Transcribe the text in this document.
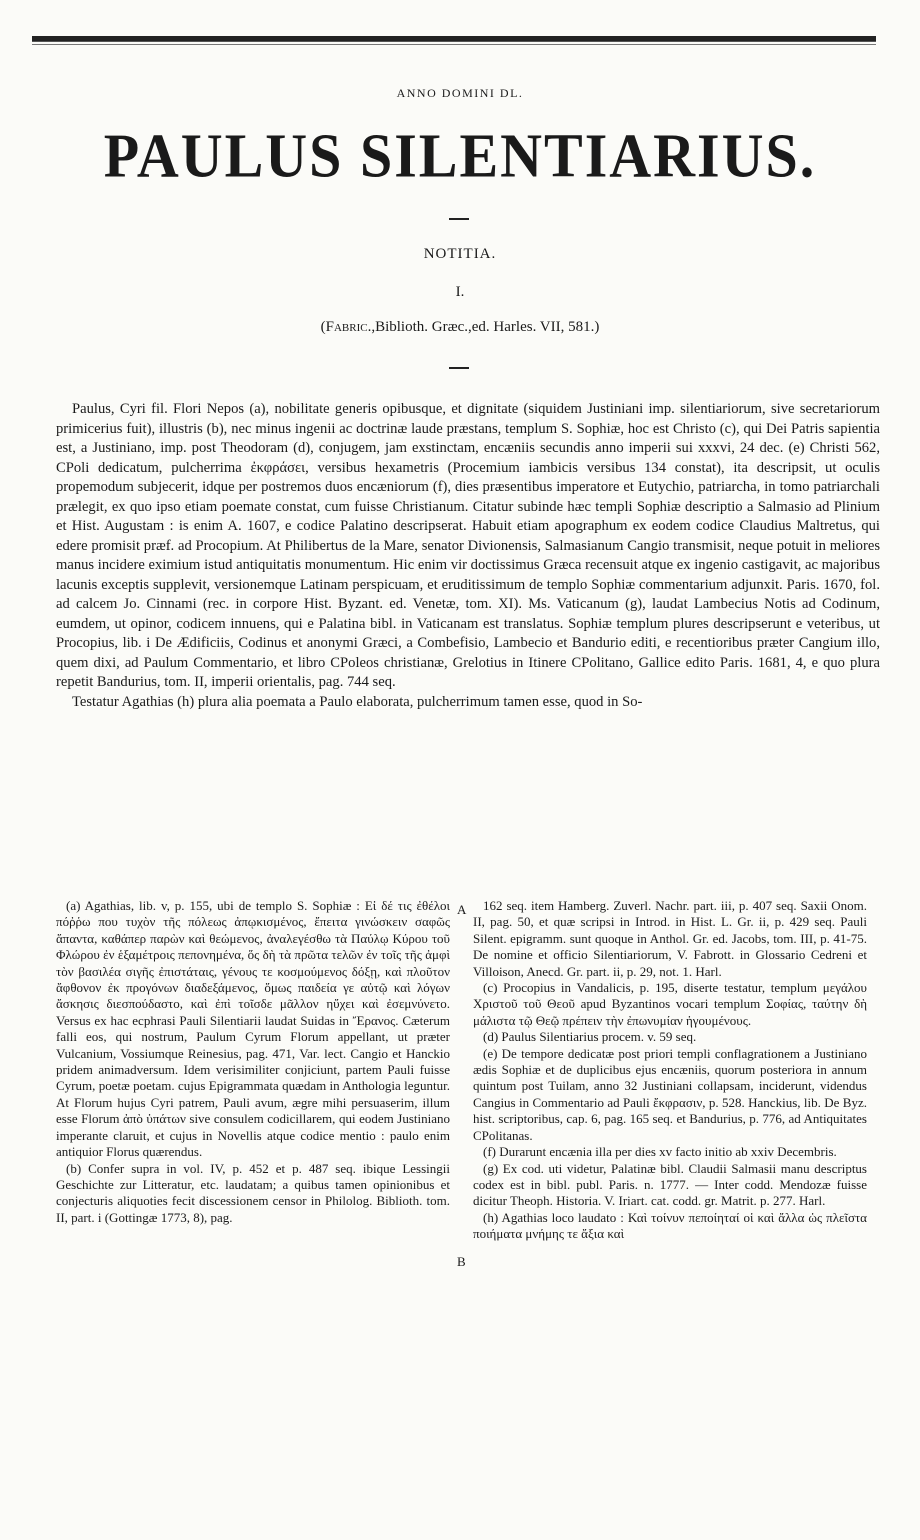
ANNO DOMINI DL.
PAULUS SILENTIARIUS.
NOTITIA.
I.
(Fabric.,Biblioth. Græc.,ed. Harles. VII, 581.)

Paulus, Cyri fil. Flori Nepos (a), nobilitate generis opibusque, et dignitate (siquidem Justiniani imp. silentiariorum, sive secretariorum primicerius fuit), illustris (b), nec minus ingenii ac doctrinæ laude præstans, templum S. Sophiæ, hoc est Christo (c), qui Dei Patris sapientia est, a Justiniano, imp. post Theodoram (d), conjugem, jam exstinctam, encæniis secundis anno imperii sui xxxvi, 24 dec. (e) Christi 562, CPoli dedicatum, pulcherrima ἐκφράσει, versibus hexametris (Procemium iambicis versibus 134 constat), ita descripsit, ut oculis propemodum subjecerit, idque per postremos duos encæniorum (f), dies præsentibus imperatore et Eutychio, patriarcha, in tomo patriarchali prælegit, ex quo ipso etiam poemate constat, cum fuisse Christianum. Citatur subinde hæc templi Sophiæ descriptio a Salmasio ad Plinium et Hist. Augustam : is enim A. 1607, e codice Palatino descripserat. Habuit etiam apographum ex eodem codice Claudius Maltretus, qui edere promisit præf. ad Procopium. At Philibertus de la Mare, senator Divionensis, Salmasianum Cangio transmisit, neque potuit in meliores manus incidere eximium istud antiquitatis monumentum. Hic enim vir doctissimus Græca recensuit atque ex ingenio castigavit, ac majoribus lacunis exceptis supplevit, versionemque Latinam perspicuam, et eruditissimum de templo Sophiæ commentarium adjunxit. Paris. 1670, fol. ad calcem Jo. Cinnami (rec. in corpore Hist. Byzant. ed. Venetæ, tom. XI). Ms. Vaticanum (g), laudat Lambecius Notis ad Codinum, eumdem, ut opinor, codicem innuens, qui e Palatina bibl. in Vaticanam est translatus. Sophiæ templum plures descripserunt e veteribus, ut Procopius, lib. i De Ædificiis, Codinus et anonymi Græci, a Combefisio, Lambecio et Bandurio editi, e recentioribus præter Cangium illo, quem dixi, ad Paulum Commentario, et libro CPoleos christianæ, Grelotius in Itinere CPolitano, Gallice edito Paris. 1681, 4, e quo plura repetit Bandurius, tom. II, imperii orientalis, pag. 744 seq.

Testatur Agathias (h) plura alia poemata a Paulo elaborata, pulcherrimum tamen esse, quod in So-

(a) Agathias, lib. v, p. 155, ubi de templo S. Sophiæ : Εἰ δέ τις ἐθέλοι πόῤῥω που τυχὸν τῆς πόλεως ἀπῳκισμένος, ἔπειτα γινώσκειν σαφῶς ἅπαντα, καθάπερ παρὼν καὶ θεώμενος, ἀναλεγέσθω τὰ Παύλῳ Κύρου τοῦ Φλώρου ἐν ἑξαμέτροις πεπονημένα, ὅς δὴ τὰ πρῶτα τελῶν ἐν τοῖς τῆς ἀμφὶ τὸν βασιλέα σιγῆς ἐπιστάταις, γένους τε κοσμούμενος δόξῃ, καὶ πλοῦτον ἄφθονον ἐκ προγόνων διαδεξάμενος, ὅμως παιδεία γε αὐτῷ καὶ λόγων ἄσκησις διεσπούδαστο, καὶ ἐπὶ τοῖσδε μᾶλλον ηὔχει καὶ ἐσεμνύνετο. Versus ex hac ecphrasi Pauli Silentiarii laudat Suidas in Ἔρανος. Cæterum falli eos, qui nostrum, Paulum Cyrum Florum appellant, ut præter Vulcanium, Vossiumque Reinesius, pag. 471, Var. lect. Cangio et Hanckio pridem animadversum. Idem verisimiliter conjiciunt, partem Pauli fuisse Cyrum, poetæ poetam. cujus Epigrammata quædam in Anthologia leguntur. At Florum hujus Cyri patrem, Pauli avum, ægre mihi persuaserim, illum esse Florum ἀπὸ ὑπάτων sive consulem codicillarem, qui eodem Justiniano imperante claruit, et cujus in Novellis atque codice mentio : paulo enim antiquior Florus quærendus.

(b) Confer supra in vol. IV, p. 452 et p. 487 seq. ibique Lessingii Geschichte zur Litteratur, etc. laudatam; a quibus tamen opinionibus et conjecturis aliquoties fecit discessionem censor in Philolog. Biblioth. tom. II, part. i (Gottingæ 1773, 8), pag.

A
B

162 seq. item Hamberg. Zuverl. Nachr. part. iii, p. 407 seq. Saxii Onom. II, pag. 50, et quæ scripsi in Introd. in Hist. L. Gr. ii, p. 429 seq. Pauli Silent. epigramm. sunt quoque in Anthol. Gr. ed. Jacobs, tom. III, p. 41-75. De nomine et officio Silentiariorum, V. Fabrott. in Glossario Cedreni et Villoison, Anecd. Gr. part. ii, p. 29, not. 1. Harl.

(c) Procopius in Vandalicis, p. 195, diserte testatur, templum μεγάλου Χριστοῦ τοῦ Θεοῦ apud Byzantinos vocari templum Σοφίας, ταύτην δὴ μάλιστα τῷ Θεῷ πρέπειν τὴν ἐπωνυμίαν ἡγουμένους.

(d) Paulus Silentiarius procem. v. 59 seq.

(e) De tempore dedicatæ post priori templi conflagrationem a Justiniano ædis Sophiæ et de duplicibus ejus encæniis, quorum posteriora in annum quintum post Tuilam, anno 32 Justiniani collapsam, inciderunt, videndus Cangius in Commentario ad Pauli ἔκφρασιν, p. 528. Hanckius, lib. De Byz. hist. scriptoribus, cap. 6, pag. 165 seq. et Bandurius, p. 776, ad Antiquitates CPolitanas.

(f) Durarunt encænia illa per dies xv facto initio ab xxiv Decembris.

(g) Ex cod. uti videtur, Palatinæ bibl. Claudii Salmasii manu descriptus codex est in bibl. publ. Paris. n. 1777. — Inter codd. Mendozæ fuisse dicitur Theoph. Historia. V. Iriart. cat. codd. gr. Matrit. p. 277. Harl.

(h) Agathias loco laudato : Καὶ τοίνυν πεποίηταί οἱ καὶ ἄλλα ὡς πλεῖστα ποιήματα μνήμης τε ἄξια καὶ
